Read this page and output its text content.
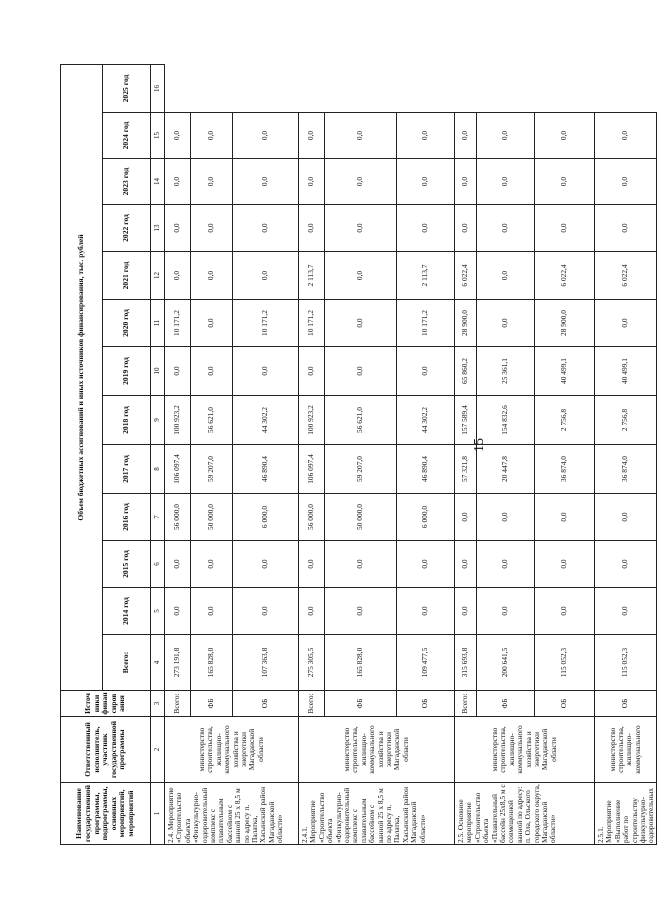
15
Наименование государственной программы, подпрограммы, основных мероприятий, мероприятий	Ответственный исполнитель, участник государственной программы	Источники финансирования	Объем бюджетных ассигнований и иных источников финансирования, тыс. рублей												
			Всего:	2014 год	2015 год	2016 год	2017 год	2018 год	2019 год	2020 год	2021 год	2022 год	2023 год	2024 год	2025 год
1	2	3	4	5	6	7	8	9	10	11	12	13	14	15	16
2.4. Мероприятие «Строительство объекта «Физкультурно-оздоровительный комплекс с плавательным бассейном с ванной 25 х 8,5 м по адресу п. Палатка, Хасынский район Магаданской области»	министерство строительства, жилищно-коммунального хозяйства и энергетики Магаданской области	Всего:	273 191,8	0,0	0,0	56 000,0	106 097,4	100 923,2	0,0	10 171,2	0,0	0,0	0,0	0,0	
		ФБ	165 828,0	0,0	0,0	50 000,0	59 207,0	56 621,0	0,0	0,0	0,0	0,0	0,0	0,0	
		ОБ	107 363,8	0,0	0,0	6 000,0	46 890,4	44 302,2	0,0	10 171,2	0,0	0,0	0,0	0,0	
2.4.1. Мероприятие «Строительство объекта «Физкультурно-оздоровительный комплекс с плавательным бассейном с ванной 25 х 8,5 м по адресу п. Палатка, Хасынский район Магаданской области»	министерство строительства, жилищно-коммунального хозяйства и энергетики Магаданской области	Всего:	275 305,5	0,0	0,0	56 000,0	106 097,4	100 923,2	0,0	10 171,2	2 113,7	0,0	0,0	0,0	
		ФБ	165 828,0	0,0	0,0	50 000,0	59 207,0	56 621,0	0,0	0,0	0,0	0,0	0,0	0,0	
		ОБ	109 477,5	0,0	0,0	6 000,0	46 890,4	44 302,2	0,0	10 171,2	2 113,7	0,0	0,0	0,0	
2.5. Основное мероприятие «Строительство объекта «Плавательный бассейн 25х8,5 м с совмещенной ванной по адресу: п. Ола, Ольского городского округа, Магаданской области»	министерство строительства, жилищно-коммунального хозяйства и энергетики Магаданской области	Всего:	315 693,8	0,0	0,0	0,0	57 321,8	157 589,4	65 860,2	28 900,0	6 022,4	0,0	0,0	0,0	
		ФБ	200 641,5	0,0	0,0	0,0	20 447,8	154 832,6	25 361,1	0,0	0,0	0,0	0,0	0,0	
		ОБ	115 052,3	0,0	0,0	0,0	36 874,0	2 756,8	40 499,1	28 900,0	6 022,4	0,0	0,0	0,0	
2.5.1. Мероприятие «Выполнение работ по строительству физкультурно-оздоровительных	министерство строительства, жилищно-коммунального	ОБ	115 052,3	0,0	0,0	0,0	36 874,0	2 756,8	40 499,1	0,0	6 022,4	0,0	0,0	0,0	
